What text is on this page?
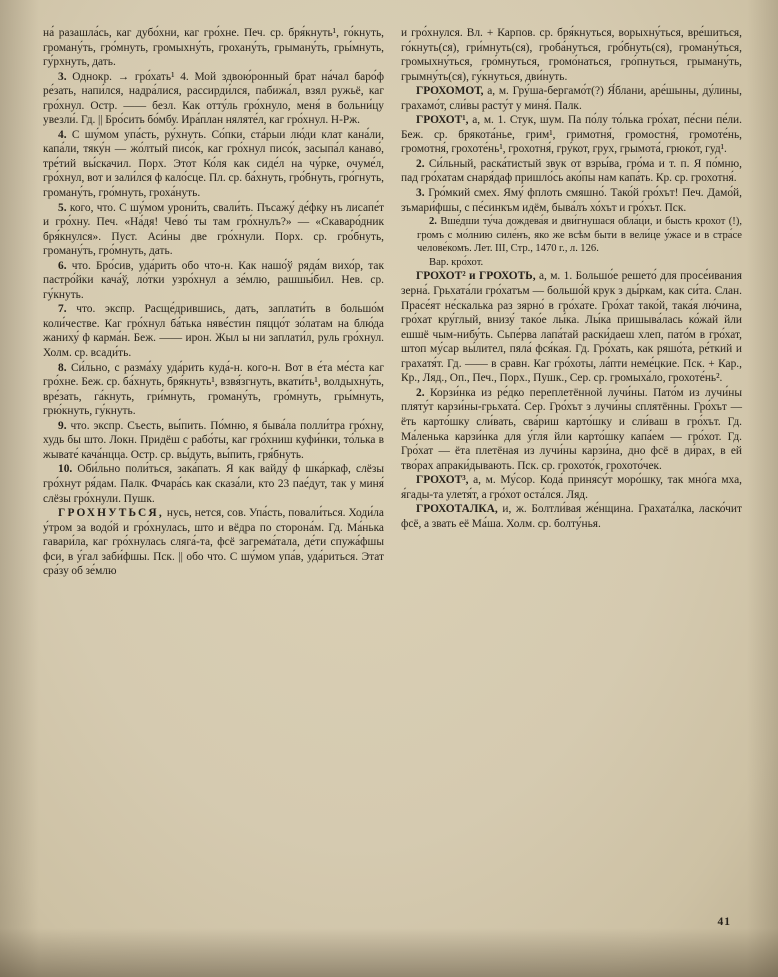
на́ разашла́сь, каг дубо́хни, каг гро́хне. Печ. ср. бря́кнуть¹, го́кнуть, громану́ть, гро́мнуть, громыхну́ть, грохану́ть, грыману́ть, гры́мнуть, гу́рхнуть, дать.

3. Однокр. → гро́хать¹ 4. Мой здвою́ронный брат на́чал баро́ф ре́зать, напи́лся, надра́лися, рассирди́лся, пабижа́л, взял ружьё, каг гро́хнул. Остр. —— безл. Как отту́ль гро́хнуло, меня́ в больни́цу увезли́. Гд. || Бро́сить бо́мбу. Ира́план няляте́л, каг гро́хнул. Н-Рж.

4. С шу́мом упа́сть, ру́хнуть. Со́пки, ста́рыи лю́ди клат кана́ли, капа́ли, тяку́н — жо́лтый писо́к, каг гро́хнул писо́к, засыпа́л канаво́, тре́тий вы́скачил. Порх. Этот Ко́ля как сиде́л на чу́рке, очуме́л, гро́хнул, вот и зали́лся ф кало́сце. Пл. ср. ба́хнуть, гро́бнуть, гро́гнуть, громану́ть, гро́мнуть, гроха́нуть.

5. кого, что. С шу́мом урони́ть, свали́ть. Пъсажу́ де́фку нъ лисапе́т и гро́хну. Печ. «На́дя! Чево́ ты там гро́хнулъ?» — «Скаваро́дник бря́кнулся». Пуст. Аси́ны две гро́хнули. Порх. ср. гро́бнуть, громану́ть, гро́мнуть, дать.

6. что. Бро́сив, уда́рить обо что-н. Как нашо́ў ряда́м вихо́р, так пастро́йки кача́ў, ло́тки узро́хнул а зе́млю, рашшы́бил. Нев. ср. гу́кнуть.

7. что. экспр. Расще́дрившись, дать, заплати́ть в большо́м коли́честве. Каг гро́хнул ба́тька няве́стин пяццо́т зо́латам на блю́да жаниху́ ф карма́н. Беж. —— ирон. Жыл ы ни заплати́л, руль гро́хнул. Холм. ср. всади́ть.

8. Си́льно, с разма́ху уда́рить куда́-н. кого-н. Вот в е́та ме́ста каг гро́хне. Беж. ср. ба́хнуть, бря́кнуть¹, взвя́згнуть, вкати́ть¹, волдыхну́ть, вре́зать, га́кнуть, гри́мнуть, громану́ть, гро́мнуть, гры́мнуть, грю́кнуть, гу́кнуть.

9. что. экспр. Съесть, вы́пить. По́мню, я быва́ла полли́тра гро́хну, худь бы што. Локн. Придёш с рабо́ты, каг гро́хниш куфи́нки, то́лька в жывате́ кача́нцца. Остр. ср. вы́дуть, вы́пить, гря́бнуть.

10. Оби́льно поли́ться, зака́пать. Я как вайду́ ф шка́ркаф, слёзы гро́хнут ря́дам. Палк. Фчара́сь как сказа́ли, кто 23 пае́дут, так у миня́ слёзы гро́хнули. Пушк.

ГРОХНУТЬСЯ, нусь, нется, сов. Упа́сть, повали́ться. Ходи́ла у́тром за водо́й и гро́хнулась, што и вёдра по сторона́м. Гд. Ма́нька гавари́ла, каг гро́хнулась сляга́-та, фсё загрема́тала, де́ти спужа́фшы фси, в у́гал заби́фшы. Пск. || обо что. С шу́мом упа́в, уда́риться. Этат сра́зу об зе́млю

и гро́хнулся. Вл. + Карпов. ср. бря́кнуться, ворыхну́ться, вре́шиться, го́кнуть(ся), гри́мнуть(ся), гроба́нуться, гро́бнуть(ся), громану́ться, громыхну́ться, гро́мнуться, громо́наться, гро́пнуться, грыману́ть, грымну́ть(ся), гу́кнуться, дви́нуть.

ГРОХОМОТ, а, м. Гру́ша-бергамо́т(?) Я́блани, аре́шыны, ду́лины, грахамо́т, сли́вы расту́т у миня́. Палк.

ГРОХОТ¹, а, м. 1. Стук, шум. Па по́лу то́лька гро́хат, пе́сни пе́ли. Беж. ср. брякота́нье, грим¹, гримотня́, громостня́, громоте́нь, громотня́, грохоте́нь¹, грохотня́, гру́кот, грух, грымота́, грюко́т, гуд¹.

2. Си́льный, раска́тистый звук от взры́ва, гро́ма и т. п. Я по́мню, пад гро́хатам снаря́даф пришло́сь ако́пы нам капа́ть. Кр. ср. грохотня́.

3. Гро́мкий смех. Яму́ фплоть смяшно́. Тако́й гро́хът! Печ. Дамо́й, зъмари́фшы, с пе́синкъм идём, быва́лъ хо́хът и гро́хът. Пск.

2. Вше́дши ту́ча дождева́я и дви́гнушася обла́ци, и бысть крохот (!), громъ с мо́лнию силе́нъ, яко же всѣм быти в вели́це у́жасе и в стра́се челове́комъ. Лет. III, Стр., 1470 г., л. 126.

Вар. кро́хот.

ГРОХОТ² и ГРОХОТЬ, а, м. 1. Большо́е решето́ для просе́ивания зерна́. Грьхата́ли гро́хатъм — большо́й крук з ды́ркам, как си́та. Слан. Прасе́ят не́скалька раз зярно́ в гро́хате. Гро́хат тако́й, така́я лю́чина, гро́хат кру́глый, внизу́ тако́е лы́ка. Лы́ка пришыва́лась ко́жай йли ешшё чым-нибу́ть. Сьпе́рва лапа́тай раски́даеш хлеп, пато́м в гро́хат, штоп му́сар вы́лител, пяла́ фся́кая. Гд. Гро́хать, как ряшо́та, ре́ткий и грахатя́т. Гд. —— в сравн. Каг гро́хоты, ла́пти неме́цкие. Пск. + Кар., Кр., Ляд., Оп., Печ., Порх., Пушк., Сер. ср. громыха́ло, грохоте́нь².

2. Корзи́нка из ре́дко переплетённой лучи́ны. Пато́м из лучи́ны пляту́т карзи́ны-грьхата́. Сер. Гро́хът з лучи́ны сплятённы. Гро́хът — ёть карто́шку сли́вать, сва́риш карто́шку и сли́ваш в гро́хът. Гд. Ма́ленька карзи́нка для у́гля йли карто́шку капа́ем — гро́хот. Гд. Гро́хат — ёта плетёная из лучи́ны карзи́на, дно фсё в ди́рах, в ей тво́рах апраки́дывають. Пск. ср. грохото́к, грохото́чек.

ГРОХОТ³, а, м. Му́сор. Кода́ принясу́т моро́шку, так мно́га мха, я́гады-та улетя́т, а гро́хот оста́лся. Ляд.

ГРОХОТАЛКА, и, ж. Болтли́вая же́нщина. Грахата́лка, ласко́чит фсё, а звать её Ма́ша. Холм. ср. болту́нья.

41
